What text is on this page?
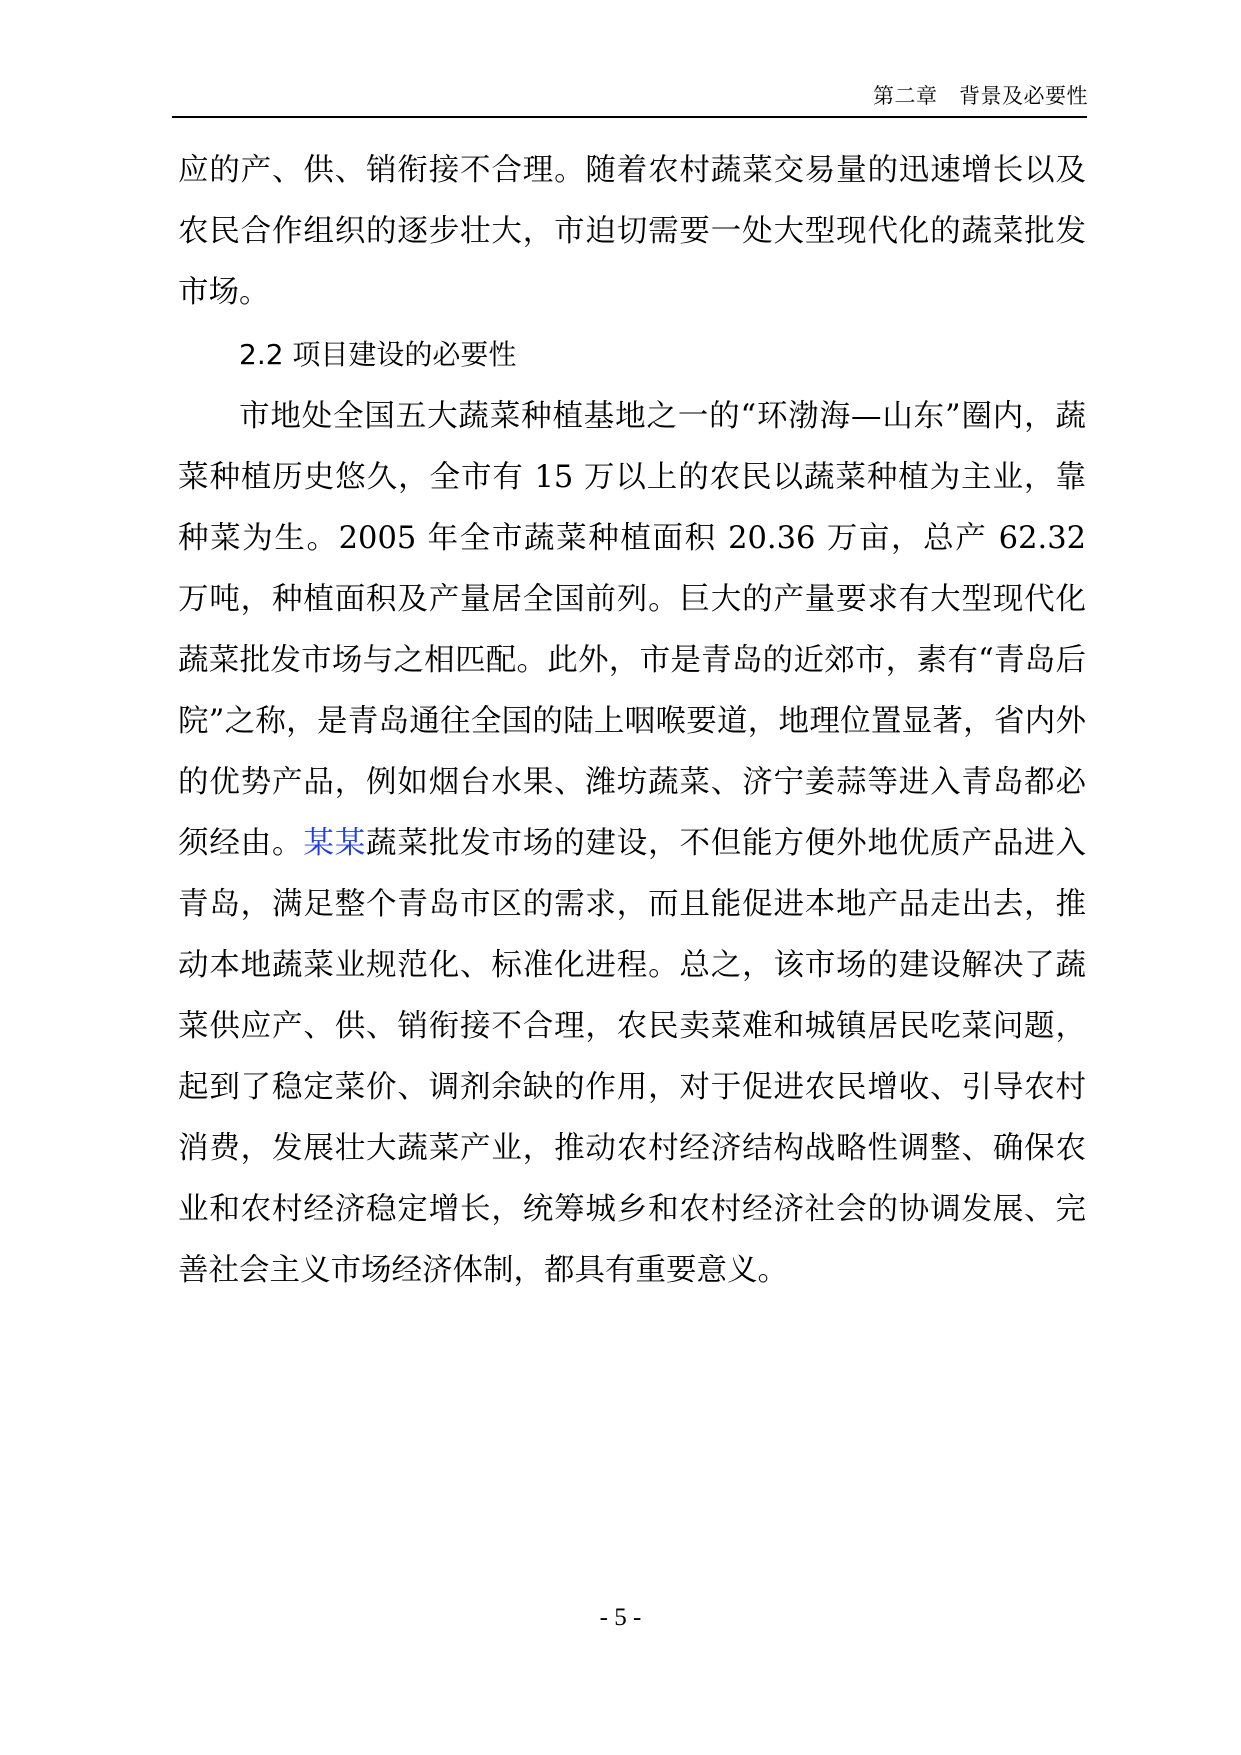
第二章　背景及必要性

应的产、供、销衔接不合理。随着农村蔬菜交易量的迅速增长以及农民合作组织的逐步壮大，市迫切需要一处大型现代化的蔬菜批发市场。

2.2 项目建设的必要性

市地处全国五大蔬菜种植基地之一的“环渤海—山东”圈内，蔬菜种植历史悠久，全市有 15 万以上的农民以蔬菜种植为主业，靠种菜为生。2005 年全市蔬菜种植面积 20.36 万亩，总产 62.32 万吨，种植面积及产量居全国前列。巨大的产量要求有大型现代化蔬菜批发市场与之相匹配。此外，市是青岛的近郊市，素有“青岛后院”之称，是青岛通往全国的陆上咽喉要道，地理位置显著，省内外的优势产品，例如烟台水果、潍坊蔬菜、济宁姜蒜等进入青岛都必须经由。某某蔬菜批发市场的建设，不但能方便外地优质产品进入青岛，满足整个青岛市区的需求，而且能促进本地产品走出去，推动本地蔬菜业规范化、标准化进程。总之，该市场的建设解决了蔬菜供应产、供、销衔接不合理，农民卖菜难和城镇居民吃菜问题，起到了稳定菜价、调剂余缺的作用，对于促进农民增收、引导农村消费，发展壮大蔬菜产业，推动农村经济结构战略性调整、确保农业和农村经济稳定增长，统筹城乡和农村经济社会的协调发展、完善社会主义市场经济体制，都具有重要意义。

- 5 -
